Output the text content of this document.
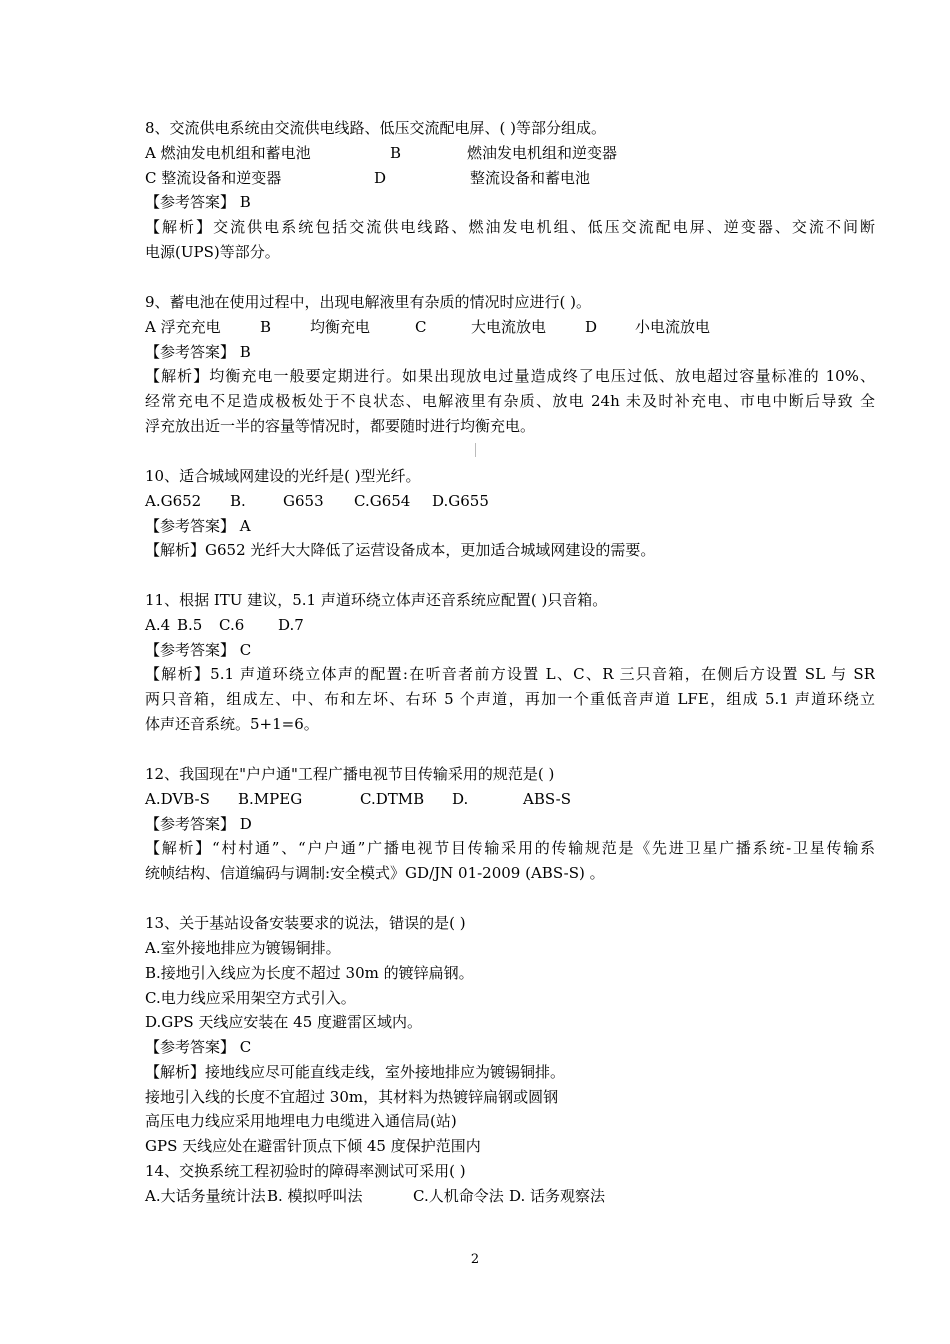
8、交流供电系统由交流供电线路、低压交流配电屏、( )等部分组成。
A 燃油发电机组和蓄电池	B	燃油发电机组和逆变器
C 整流设备和逆变器	D	整流设备和蓄电池
【参考答案】 B
【解析】交流供电系统包括交流供电线路、燃油发电机组、低压交流配电屏、逆变器、交流不间断
电源(UPS)等部分。
9、蓄电池在使用过程中，出现电解液里有杂质的情况时应进行( )。
A 浮充充电	B	均衡充电	C	大电流放电	D	小电流放电
【参考答案】 B
【解析】均衡充电一般要定期进行。如果出现放电过量造成终了电压过低、放电超过容量标准的 10%、
经常充电不足造成极板处于不良状态、电解液里有杂质、放电 24h 未及时补充电、市电中断后导致 全
浮充放出近一半的容量等情况时，都要随时进行均衡充电。
10、适合城域网建设的光纤是( )型光纤。
A.G652 B. G653 C.G654 D.G655
【参考答案】 A
【解析】G652 光纤大大降低了运营设备成本，更加适合城域网建设的需要。
11、根据 ITU 建议，5.1 声道环绕立体声还音系统应配置( )只音箱。
A.4 B.5 C.6 D.7
【参考答案】 C
【解析】5.1 声道环绕立体声的配置:在听音者前方设置 L、C、R 三只音箱，在侧后方设置 SL 与 SR
两只音箱，组成左、中、布和左坏、右环 5 个声道，再加一个重低音声道 LFE，组成 5.1 声道环绕立
体声还音系统。5+1=6。
12、我国现在"户户通"工程广播电视节目传输采用的规范是( )
A.DVB-S B.MPEG	C.DTMB D.	ABS-S
【参考答案】 D
【解析】“村村通”、“户户通”广播电视节目传输采用的传输规范是《先进卫星广播系统-卫星传输系
统帧结构、信道编码与调制:安全模式》GD/JN 01-2009 (ABS-S) 。
13、关于基站设备安装要求的说法，错误的是( )
A.室外接地排应为镀锡铜排。
B.接地引入线应为长度不超过 30m 的镀锌扁钢。
C.电力线应采用架空方式引入。
D.GPS 天线应安装在 45 度避雷区域内。
【参考答案】 C
【解析】接地线应尽可能直线走线，室外接地排应为镀锡铜排。
接地引入线的长度不宜超过 30m，其材料为热镀锌扁钢或圆钢
高压电力线应采用地埋电力电缆进入通信局(站)
GPS 天线应处在避雷针顶点下倾 45 度保护范围内
14、交换系统工程初验时的障碍率测试可采用( )
A.大话务量统计法 B. 模拟呼叫法	C.人机命令法 D. 话务观察法
2
